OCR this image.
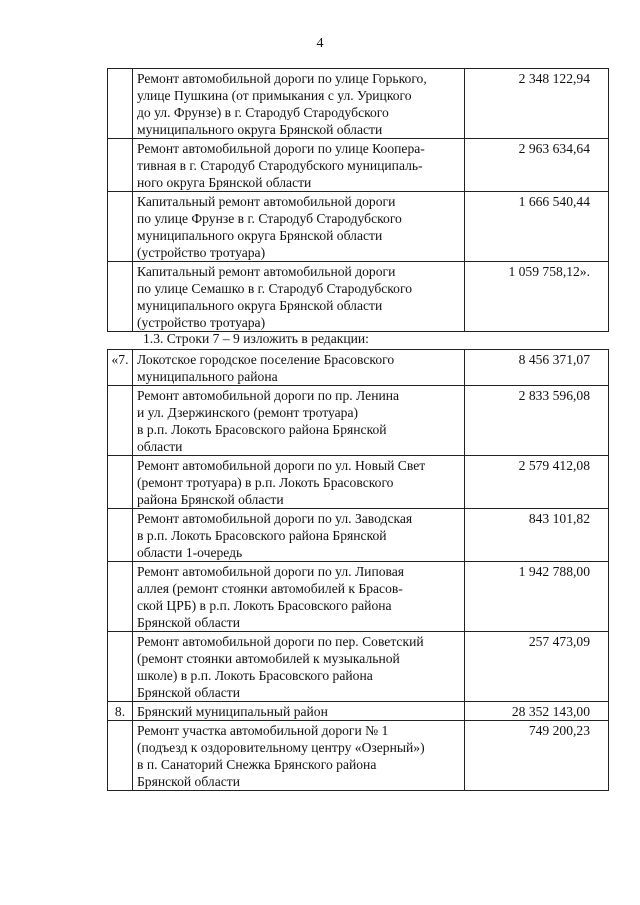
4

	Ремонт автомобильной дороги по улице Горького,
улице Пушкина (от примыкания с ул. Урицкого
до ул. Фрунзе) в г. Стародуб Стародубского
муниципального округа Брянской области	2 348 122,94

	Ремонт автомобильной дороги по улице Коопера-
тивная в г. Стародуб Стародубского муниципаль-
ного округа Брянской области	2 963 634,64

	Капитальный ремонт автомобильной дороги
по улице Фрунзе в г. Стародуб Стародубского
муниципального округа Брянской области
(устройство тротуара)	1 666 540,44

	Капитальный ремонт автомобильной дороги
по улице Семашко в г. Стародуб Стародубского
муниципального округа Брянской области
(устройство тротуара)	1 059 758,12».
1.3. Строки 7 – 9 изложить в редакции:
«7.	Локотское городское поселение Брасовского
муниципального района	8 456 371,07

	Ремонт автомобильной дороги по пр. Ленина
и ул. Дзержинского (ремонт тротуара)
в р.п. Локоть Брасовского района Брянской
области	2 833 596,08

	Ремонт автомобильной дороги по ул. Новый Свет
(ремонт тротуара) в р.п. Локоть Брасовского
района Брянской области	2 579 412,08

	Ремонт автомобильной дороги по ул. Заводская
в р.п. Локоть Брасовского района Брянской
области 1-очередь	843 101,82

	Ремонт автомобильной дороги по ул. Липовая
аллея (ремонт стоянки автомобилей к Брасов-
ской ЦРБ) в р.п. Локоть Брасовского района
Брянской области	1 942 788,00

	Ремонт автомобильной дороги по пер. Советский
(ремонт стоянки автомобилей к музыкальной
школе) в р.п. Локоть Брасовского района
Брянской области	257 473,09
8.	Брянский муниципальный район	28 352 143,00

	Ремонт участка автомобильной дороги № 1
(подъезд к оздоровительному центру «Озерный»)
в п. Санаторий Снежка Брянского района
Брянской области	749 200,23
